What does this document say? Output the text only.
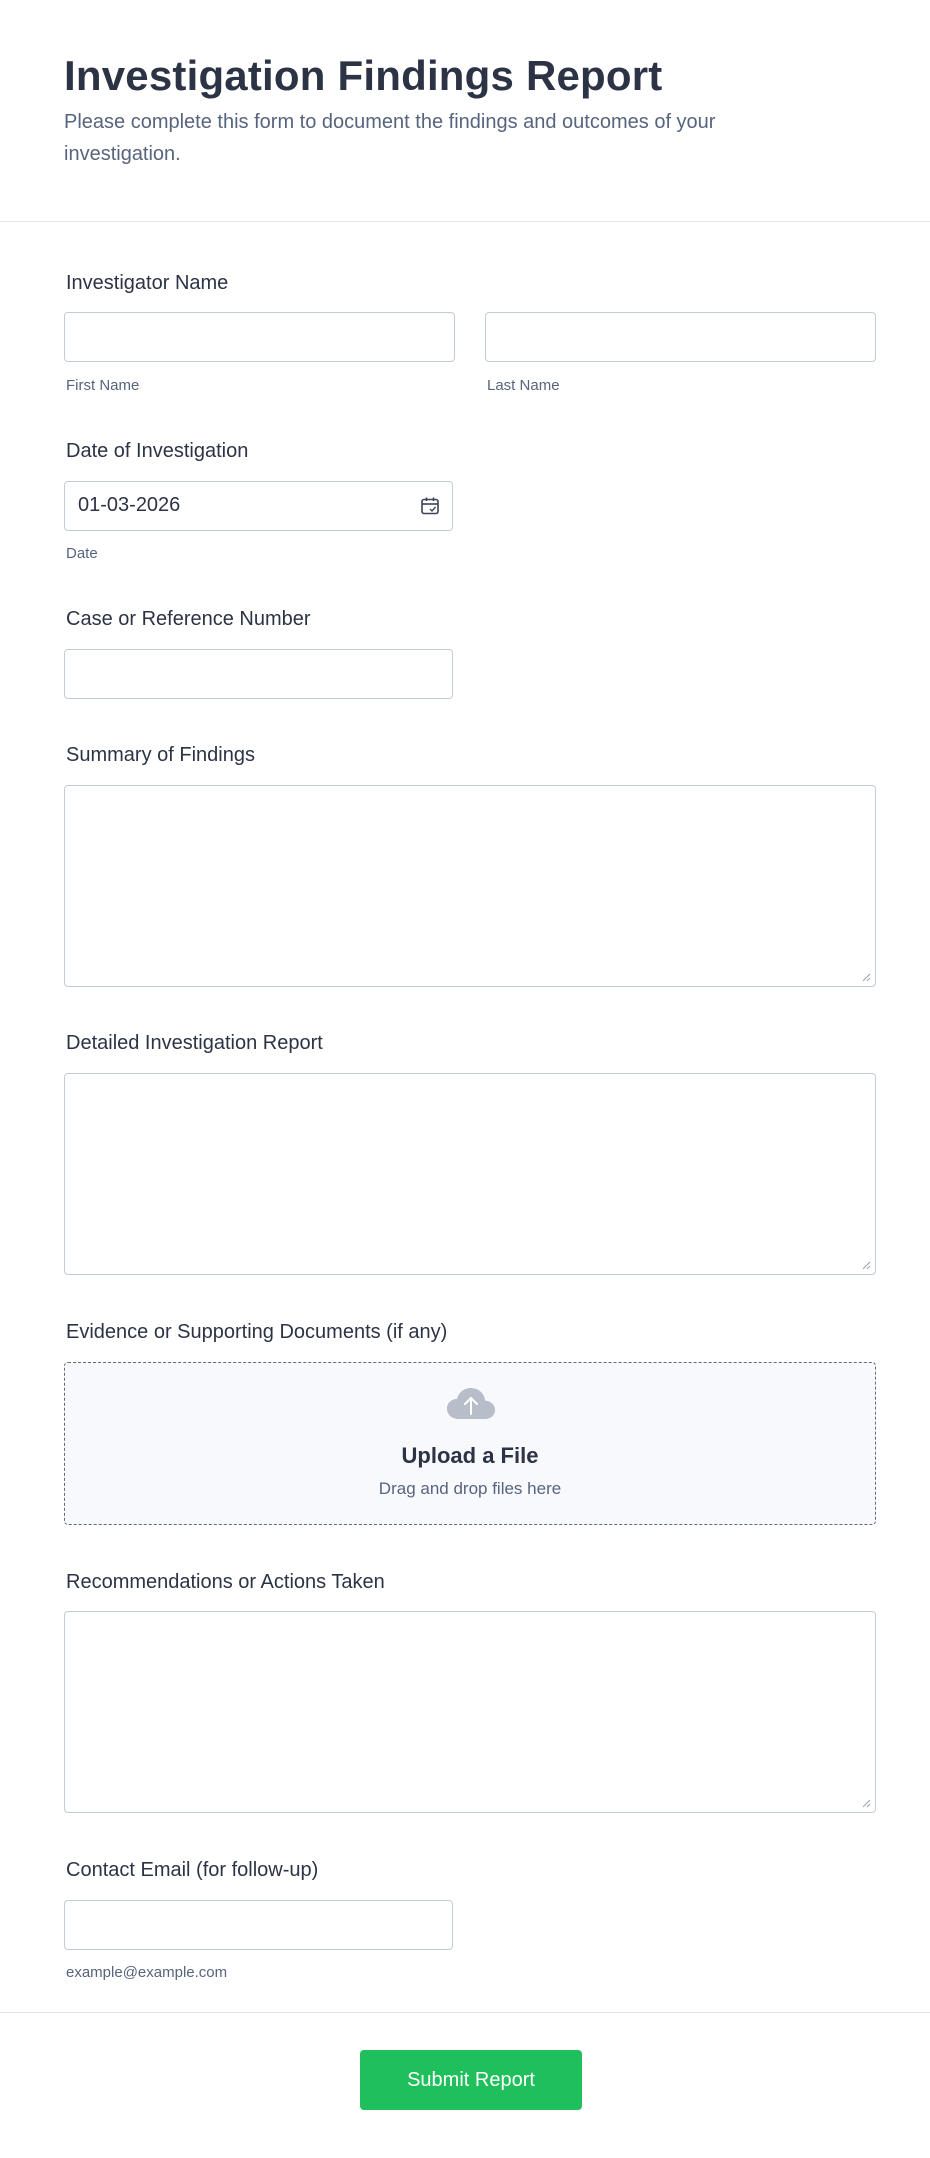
Investigation Findings Report
Please complete this form to document the findings and outcomes of your investigation.
Investigator Name
First Name	Last Name
Date of Investigation
01-03-2026
Date
Case or Reference Number
Summary of Findings
Detailed Investigation Report
Evidence or Supporting Documents (if any)
Upload a File
Drag and drop files here
Recommendations or Actions Taken
Contact Email (for follow-up)
example@example.com
Submit Report
